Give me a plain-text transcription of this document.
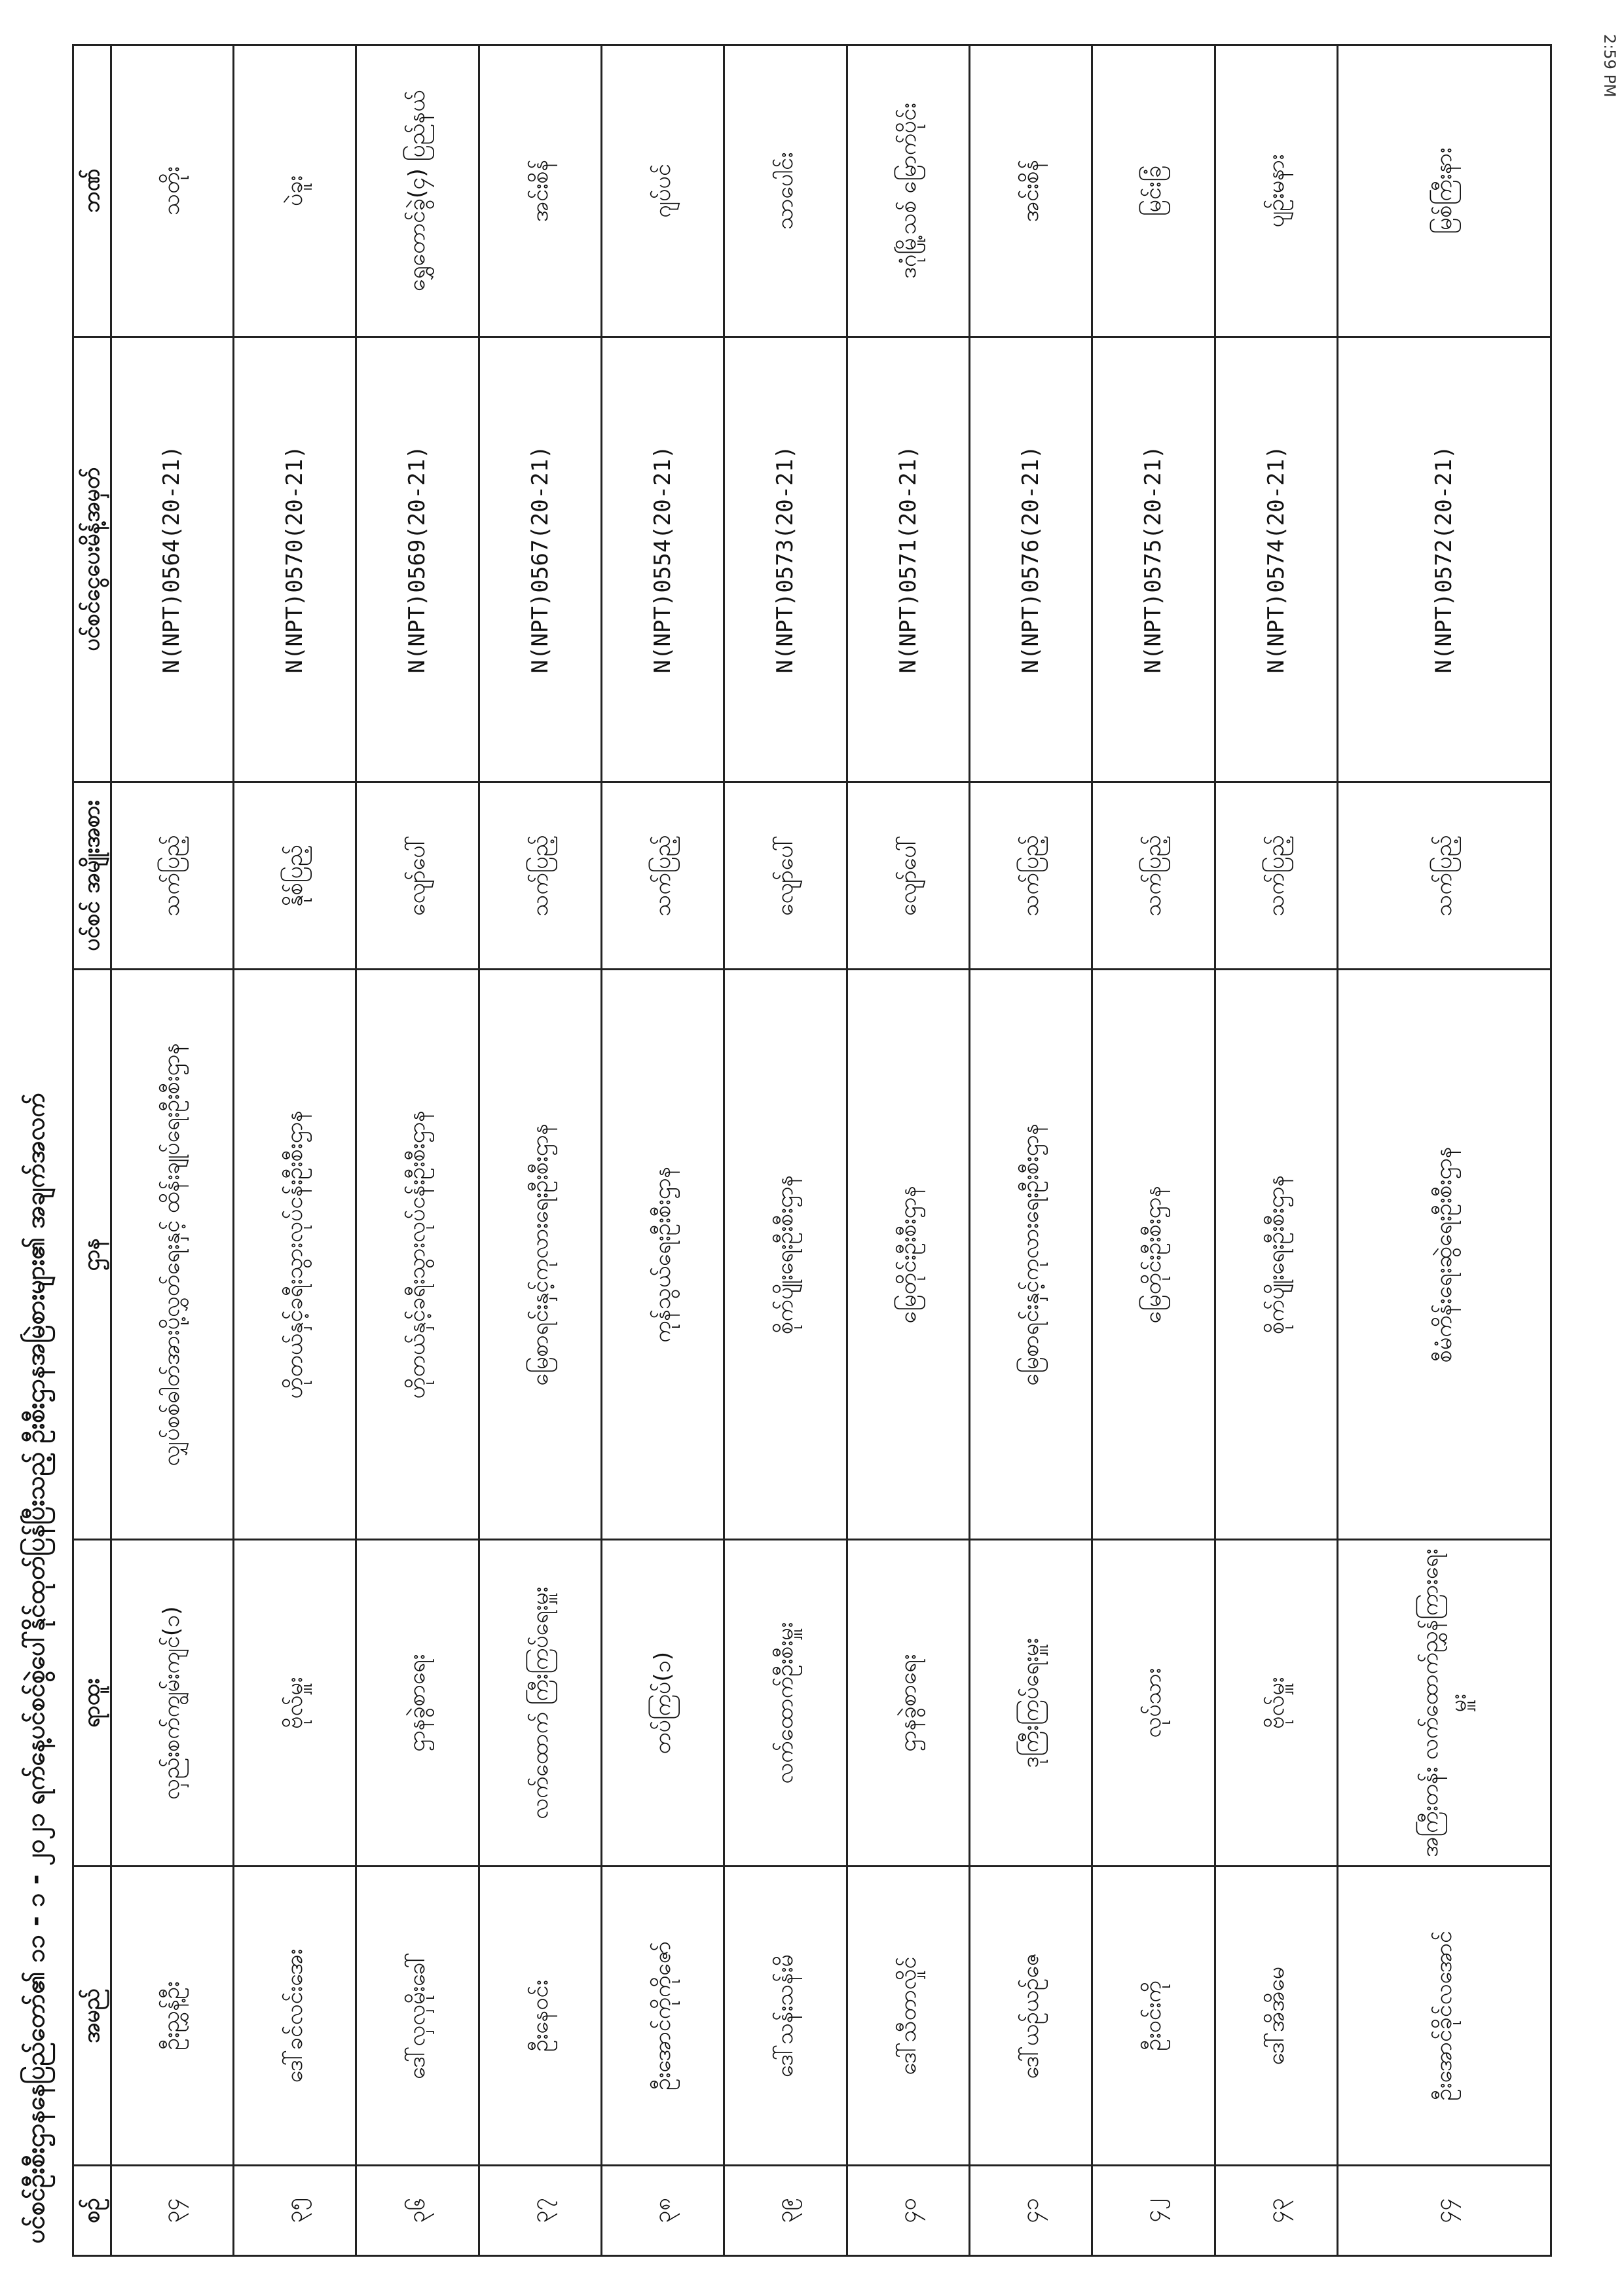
ပင်စင်ဦးစီးဌာနနေပြည်တော်၏ ၁၁ - ၁ - ၂၀၂၁ ရက်နေ့ပင်စင်စွဲပေါ်နိုင်ထုတ်ပြန်ပြီးသည့် ဦးစီးဌာနအမြဲစားများ၏ အချက်အလက် စဉ်	အမည်	ရာထူး	ဌာန	ပင်စင် အမျိုးအစား	ပင်စင်ငွေပေးမိန့်အမှတ်	ဘဏ်
၃၄	ဦးညွှန့်ဦး	လှည်းစက်ကျွမ်းကျင်(၁)	လျှပ်စစ်ဓါတ်အားပို့လွှတ်ရေးနှင့် ထိန်းချုပ်ရေးဦးစီးဌာန	သက်ပြည့်	N(NPT)0564(20-21)	သတိုး
၃၅	ဒေါ်ခင်လင်းအေး	ဗိုလ်မှူး	ဟိုတယ်နှင့်ခရီးသွားလုပ်ငန်းဦးစီးဌာန	နိုစ်ပြည့်	N(NPT)0570(20-21)	ပဲခူး
၃၆	ဒေါ်လှလှမိုးခေါ်	ဌာနခွဲစာရေး	ဟိုတယ်နှင့်ခရီးသွားလုပ်ငန်းဦးစီးဌာန	လျော်ပေါ်	N(NPT)0569(20-21)	ရွှေတောင်ခွဲ(၄) ပြည်နယ်
၃၇	ဦးနေဝင်း	လက်ထောက် ကြီးကြပ်ရေးမှူး	မြေစာရင်းနှင့်ကုလားရေးဦးစီးဌာန	သက်ပြည့်	N(NPT)0567(20-21)	အင်းစိန်
၃၈	ဦးအောင်ကိုကိုဇော်	တပ်ကြပ်(၁)	ကုန်သွယ်ရေးဦးစီးဌာန	သက်ပြည့်	N(NPT)0554(20-21)	ဂျပ်ပင်
၃၉	ဒေါ်သန်းသန်းမိ	လက်ထောက်ဦးစီးမှူး	စိုက်ပျိုးရေးဦးစီးဌာန	လျော်ပေါ်	N(NPT)0573(20-21)	သာပေါင်း
၄၀	ဒေါ်သီတာလှိုင်	ဌာနခွဲစာရေး	မြေတိုင်းဦးစီးဌာန	လျော်ပေါ်	N(NPT)0571(20-21)	ဒဂုံမြို့သစ် မြောက်ပိုင်း
၄၁	ဒေါ်ယဉ်ယဉ်ဇေ	ဒုကြီးကြပ်ရေးမှူး	မြေစာရင်းနှင့်ကုလားရေးဦးစီးဌာန	သက်ပြည့်	N(NPT)0576(20-21)	အင်းစိန်
၄၂	ဦးဝင်းကို	လုပ်သား	မြေတိုင်းဦးစီးဌာန	သက်ပြည့်	N(NPT)0575(20-21)	မြင်းခြံ
၄၃	ဒေါ်အိအိမေ	ဗိုလ်မှူး	စိုက်ပျိုးရေးဦးစီးဌာန	သက်ပြည့်	N(NPT)0574(20-21)	ပျဉ်းမနား
၄၄	ဦးအောင်ခိုင်လအောင်	အကြီးတန်း လက်ထောက်ညွှန်ကြားရေးမှူး	စီမံကိန်းရေးဆွဲရေးဦးစီးဌာန	သက်ပြည့်	N(NPT)0572(20-21)	မြစ်ကြီးနား
2:59 PM
